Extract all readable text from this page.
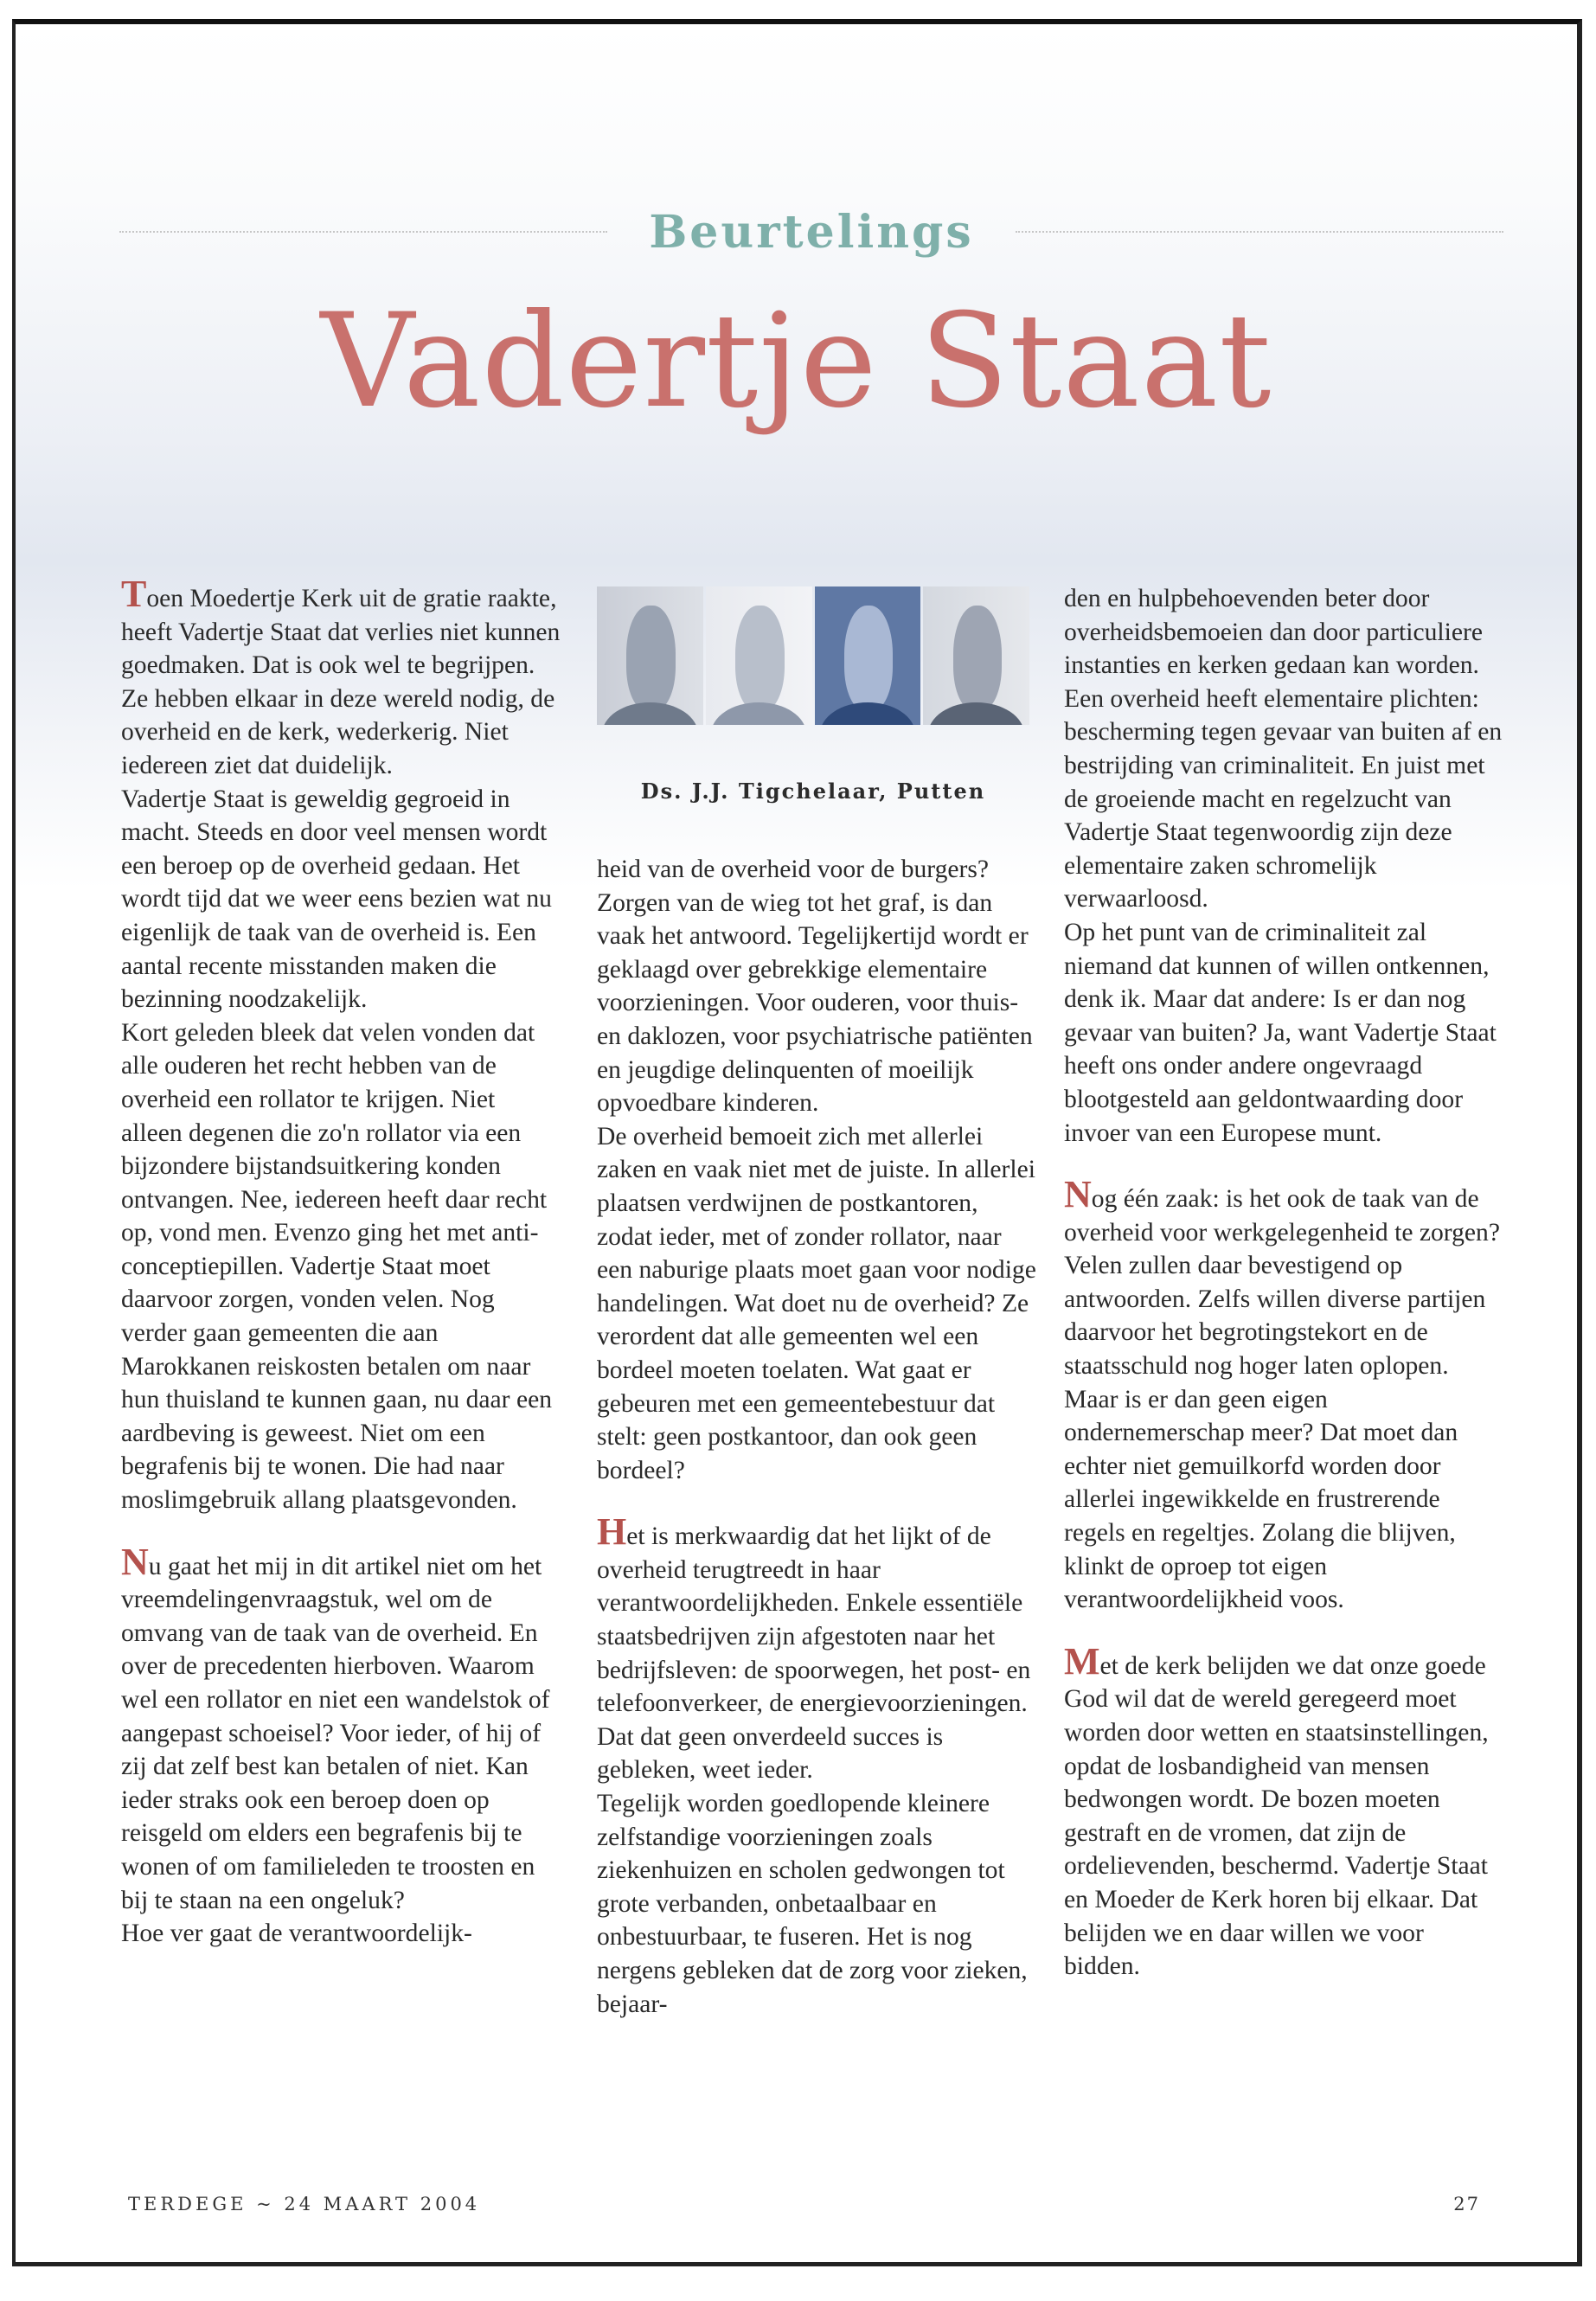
Beurtelings
Vadertje Staat

Toen Moedertje Kerk uit de gratie raakte, heeft Vadertje Staat dat verlies niet kunnen goedmaken. Dat is ook wel te begrijpen. Ze hebben elkaar in deze wereld nodig, de overheid en de kerk, wederkerig. Niet iedereen ziet dat duidelijk.

Vadertje Staat is geweldig gegroeid in macht. Steeds en door veel mensen wordt een beroep op de overheid gedaan. Het wordt tijd dat we weer eens bezien wat nu eigenlijk de taak van de overheid is. Een aantal recente misstanden maken die bezinning noodzakelijk.

Kort geleden bleek dat velen vonden dat alle ouderen het recht hebben van de overheid een rollator te krijgen. Niet alleen degenen die zo'n rollator via een bijzondere bijstandsuitkering konden ontvangen. Nee, iedereen heeft daar recht op, vond men. Evenzo ging het met anti-conceptiepillen. Vadertje Staat moet daarvoor zorgen, vonden velen. Nog verder gaan gemeenten die aan Marokkanen reiskosten betalen om naar hun thuisland te kunnen gaan, nu daar een aardbeving is geweest. Niet om een begrafenis bij te wonen. Die had naar moslimgebruik allang plaatsgevonden.

Nu gaat het mij in dit artikel niet om het vreemdelingenvraagstuk, wel om de omvang van de taak van de overheid. En over de precedenten hierboven. Waarom wel een rollator en niet een wandelstok of aangepast schoeisel? Voor ieder, of hij of zij dat zelf best kan betalen of niet. Kan ieder straks ook een beroep doen op reisgeld om elders een begrafenis bij te wonen of om familieleden te troosten en bij te staan na een ongeluk?

Hoe ver gaat de verantwoordelijk-

Ds. J.J. Tigchelaar, Putten

heid van de overheid voor de burgers? Zorgen van de wieg tot het graf, is dan vaak het antwoord. Tegelijkertijd wordt er geklaagd over gebrekkige elementaire voorzieningen. Voor ouderen, voor thuis- en daklozen, voor psychiatrische patiënten en jeugdige delinquenten of moeilijk opvoedbare kinderen.

De overheid bemoeit zich met allerlei zaken en vaak niet met de juiste. In allerlei plaatsen verdwijnen de postkantoren, zodat ieder, met of zonder rollator, naar een naburige plaats moet gaan voor nodige handelingen. Wat doet nu de overheid? Ze verordent dat alle gemeenten wel een bordeel moeten toelaten. Wat gaat er gebeuren met een gemeentebestuur dat stelt: geen postkantoor, dan ook geen bordeel?

Het is merkwaardig dat het lijkt of de overheid terugtreedt in haar verantwoordelijkheden. Enkele essentiële staatsbedrijven zijn afgestoten naar het bedrijfsleven: de spoorwegen, het post- en telefoonverkeer, de energievoorzieningen. Dat dat geen onverdeeld succes is gebleken, weet ieder.

Tegelijk worden goedlopende kleinere zelfstandige voorzieningen zoals ziekenhuizen en scholen gedwongen tot grote verbanden, onbetaalbaar en onbestuurbaar, te fuseren. Het is nog nergens gebleken dat de zorg voor zieken, bejaar-

den en hulpbehoevenden beter door overheidsbemoeien dan door particuliere instanties en kerken gedaan kan worden.

Een overheid heeft elementaire plichten: bescherming tegen gevaar van buiten af en bestrijding van criminaliteit. En juist met de groeiende macht en regelzucht van Vadertje Staat tegenwoordig zijn deze elementaire zaken schromelijk verwaarloosd.

Op het punt van de criminaliteit zal niemand dat kunnen of willen ontkennen, denk ik. Maar dat andere: Is er dan nog gevaar van buiten? Ja, want Vadertje Staat heeft ons onder andere ongevraagd blootgesteld aan geldontwaarding door invoer van een Europese munt.

Nog één zaak: is het ook de taak van de overheid voor werkgelegenheid te zorgen? Velen zullen daar bevestigend op antwoorden. Zelfs willen diverse partijen daarvoor het begrotingstekort en de staatsschuld nog hoger laten oplopen. Maar is er dan geen eigen ondernemerschap meer? Dat moet dan echter niet gemuilkorfd worden door allerlei ingewikkelde en frustrerende regels en regeltjes. Zolang die blijven, klinkt de oproep tot eigen verantwoordelijkheid voos.

Met de kerk belijden we dat onze goede God wil dat de wereld geregeerd moet worden door wetten en staatsinstellingen, opdat de losbandigheid van mensen bedwongen wordt. De bozen moeten gestraft en de vromen, dat zijn de ordelievenden, beschermd. Vadertje Staat en Moeder de Kerk horen bij elkaar. Dat belijden we en daar willen we voor bidden.

TERDEGE ~ 24 MAART 2004	27
